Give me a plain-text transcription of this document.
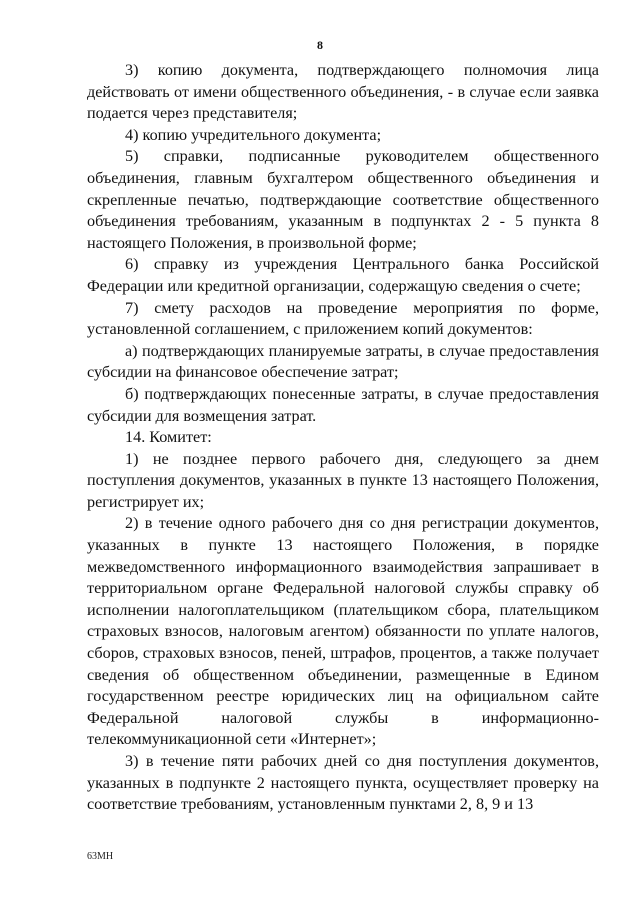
8

3) копию документа, подтверждающего полномочия лица действовать от имени общественного объединения, - в случае если заявка подается через представителя;

4) копию учредительного документа;

5) справки, подписанные руководителем общественного объединения, главным бухгалтером общественного объединения и скрепленные печатью, подтверждающие соответствие общественного объединения требованиям, указанным в подпунктах 2 - 5 пункта 8 настоящего Положения, в произвольной форме;

6) справку из учреждения Центрального банка Российской Федерации или кредитной организации, содержащую сведения о счете;

7) смету расходов на проведение мероприятия по форме, установленной соглашением, с приложением копий документов:

а) подтверждающих планируемые затраты, в случае предоставления субсидии на финансовое обеспечение затрат;

б) подтверждающих понесенные затраты, в случае предоставления субсидии для возмещения затрат.

14. Комитет:

1) не позднее первого рабочего дня, следующего за днем поступления документов, указанных в пункте 13 настоящего Положения, регистрирует их;

2) в течение одного рабочего дня со дня регистрации документов, указанных в пункте 13 настоящего Положения, в порядке межведомственного информационного взаимодействия запрашивает в территориальном органе Федеральной налоговой службы справку об исполнении налогоплательщиком (плательщиком сбора, плательщиком страховых взносов, налоговым агентом) обязанности по уплате налогов, сборов, страховых взносов, пеней, штрафов, процентов, а также получает сведения об общественном объединении, размещенные в Едином государственном реестре юридических лиц на официальном сайте Федеральной налоговой службы в информационно-телекоммуникационной сети «Интернет»;

3) в течение пяти рабочих дней со дня поступления документов, указанных в подпункте 2 настоящего пункта, осуществляет проверку на соответствие требованиям, установленным пунктами 2, 8, 9 и 13

63МН
